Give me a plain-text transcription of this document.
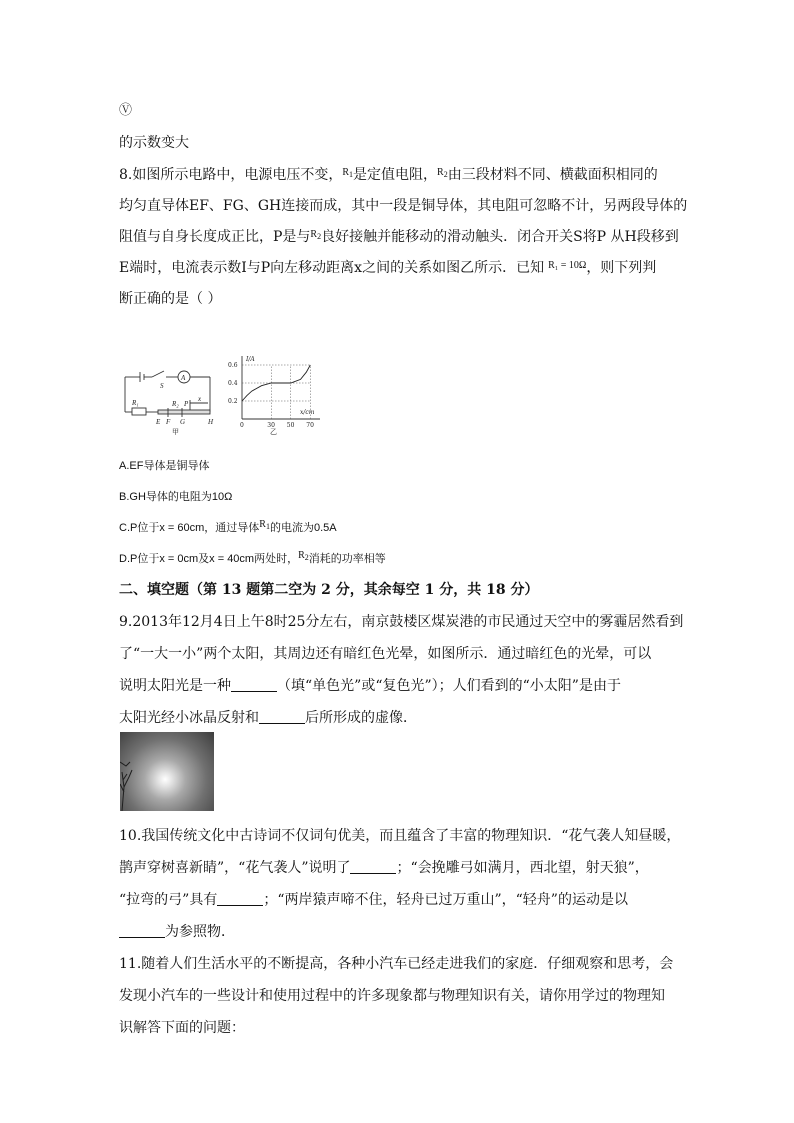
Ⓥ
的示数变大
8.如图所示电路中，电源电压不变，$^{R_1}$是定值电阻，$^{R_2}$由三段材料不同、横截面积相同的
均匀直导体EF、FG、GH连接而成，其中一段是铜导体，其电阻可忽略不计，另两段导体的
阻值与自身长度成正比，P是与$^{R_2}$良好接触并能移动的滑动触头．闭合开关S将P 从H段移到
E端时，电流表示数I与P向左移动距离x之间的关系如图乙所示．已知 $^{R_1 = 10\Omega}$，则下列判
断正确的是（ ）
S
A
R₁	R₂ P
x
E F G	H
甲	乙
I/A
x/cm
0.2
0.4
0.6
0	30 50 70
A.EF导体是铜导体
B.GH导体的电阻为10Ω
C.P位于x = 60cm，通过导体$R_1$的电流为0.5A
D.P位于x = 0cm及x = 40cm两处时，$R_2$消耗的功率相等
二、填空题（第 13 题第二空为 2 分，其余每空 1 分，共 18 分）
9.2013年12月4日上午8时25分左右，南京鼓楼区煤炭港的市民通过天空中的雾霾居然看到
了“一大一小”两个太阳，其周边还有暗红色光晕，如图所示．通过暗红色的光晕，可以
说明太阳光是一种	（填“单色光”或“复色光”）；人们看到的“小太阳”是由于
太阳光经小冰晶反射和	后所形成的虚像．
10.我国传统文化中古诗词不仅词句优美，而且蕴含了丰富的物理知识．“花气袭人知昼暖，
鹊声穿树喜新睛”，“花气袭人”说明了	；“会挽雕弓如满月，西北望，射天狼”，
“拉弯的弓”具有	；“两岸猿声啼不住，轻舟已过万重山”，“轻舟”的运动是以
为参照物．
11.随着人们生活水平的不断提高，各种小汽车已经走进我们的家庭．仔细观察和思考，会
发现小汽车的一些设计和使用过程中的许多现象都与物理知识有关，请你用学过的物理知
识解答下面的问题：
